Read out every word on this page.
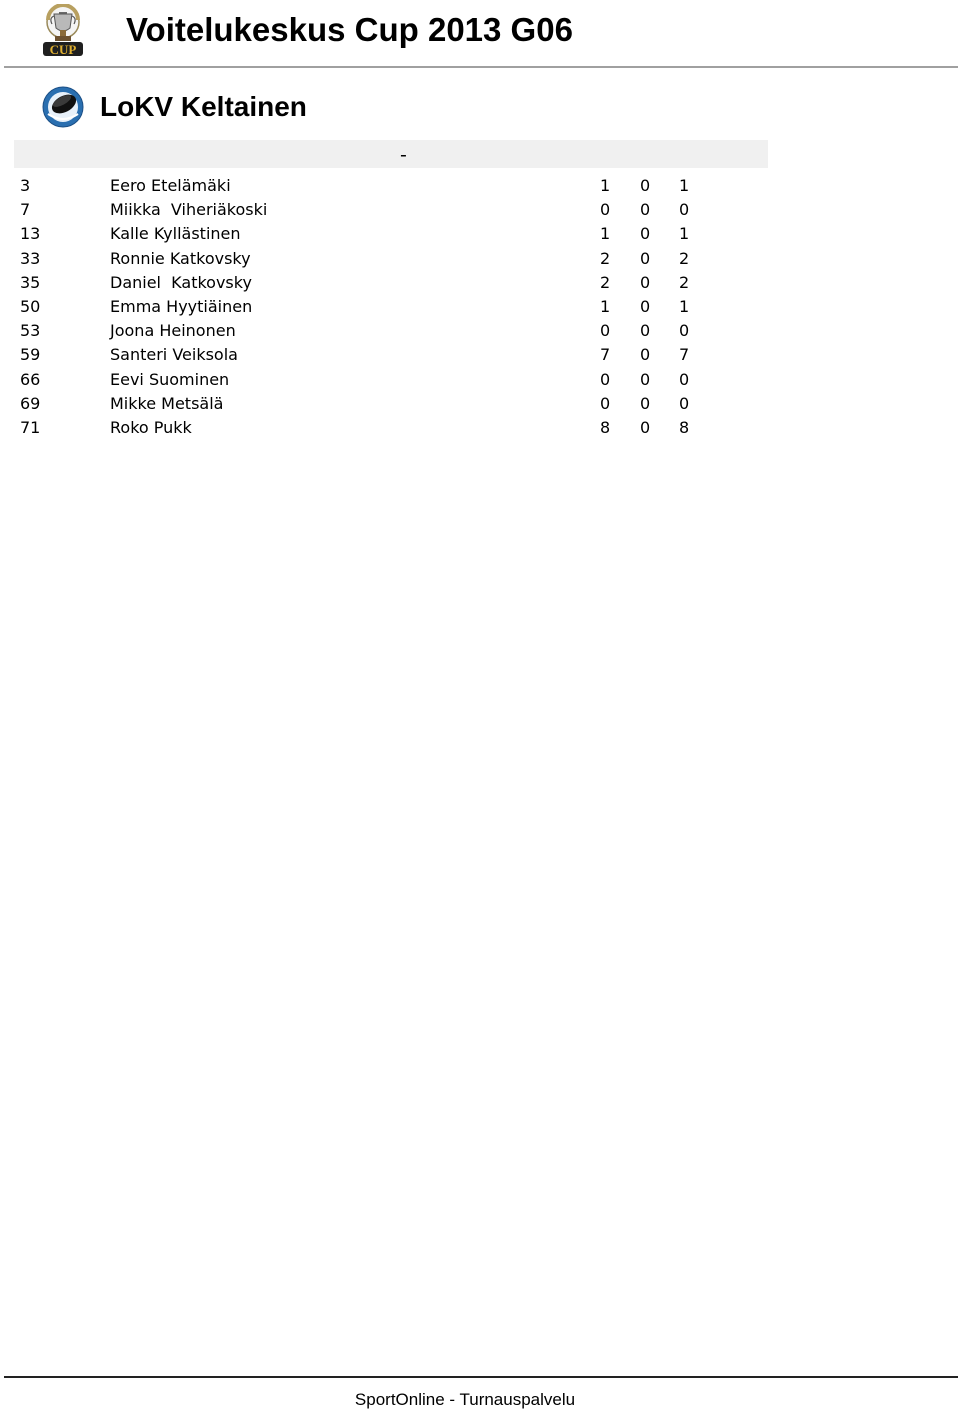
CUP
Voitelukeskus Cup 2013 G06
LoKV Keltainen
-
3	Eero Etelämäki	1 0 1
7	Miikka  Viheriäkoski	0 0 0
13	Kalle Kyllästinen	1 0 1
33	Ronnie Katkovsky	2 0 2
35	Daniel  Katkovsky	2 0 2
50	Emma Hyytiäinen	1 0 1
53	Joona Heinonen	0 0 0
59	Santeri Veiksola	7 0 7
66	Eevi Suominen	0 0 0
69	Mikke Metsälä	0 0 0
71	Roko Pukk	8 0 8
SportOnline - Turnauspalvelu
